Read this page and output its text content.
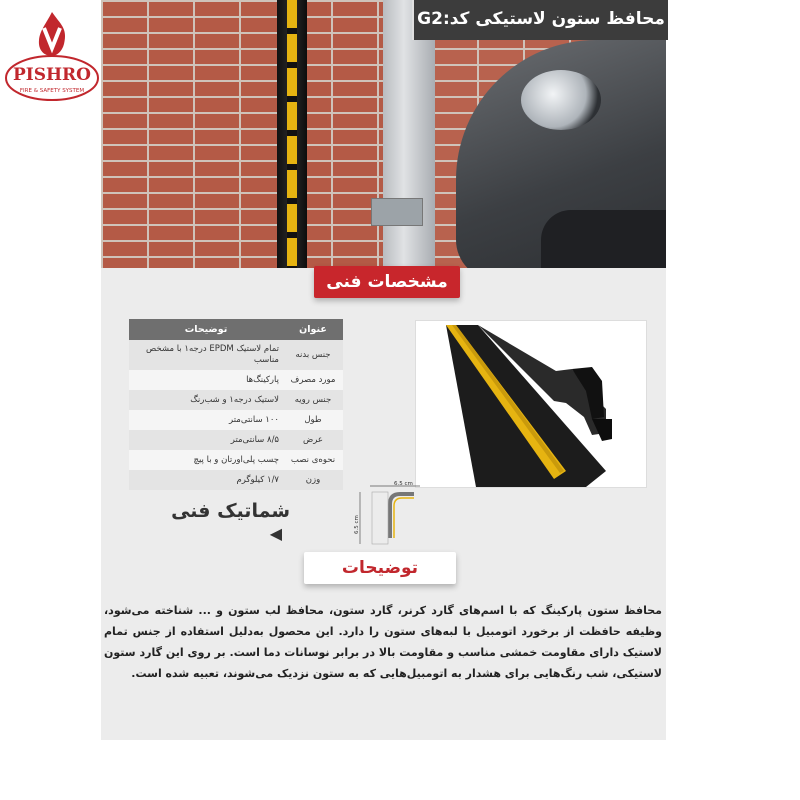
PISHRO
FIRE & SAFETY SYSTEM
محافظ ستون لاستیکی کد:G2
مشخصات فنی
عنوان	توضیحات
جنس بدنه	تمام لاستیک EPDM درجه۱ با مشخص مناسب
مورد مصرف	پارکینگ‌ها
جنس رویه	لاستیک درجه۱ و شب‌رنگ
طول	۱۰۰ سانتی‌متر
عرض	۸/۵ سانتی‌متر
نحوه‌ی نصب	چسب پلی‌اورتان و با پیچ
وزن	۱/۷ کیلوگرم
شماتیک فنی ◀
6.5 cm
6.5 cm
توضیحات
محافظ ستون پارکینگ که با اسم‌های گارد کرنر، گارد ستون، محافظ لب ستون و ... شناخته می‌شود، وظیفه حافظت از برخورد اتومبیل با لبه‌های ستون را دارد. این محصول به‌دلیل استفاده از جنس تمام لاستیک دارای مقاومت خمشی مناسب و مقاومت بالا در برابر نوسانات دما است. بر روی این گارد ستون لاستیکی، شب رنگ‌هایی برای هشدار به اتومبیل‌هایی که به ستون نزدیک می‌شوند، تعبیه شده است.
